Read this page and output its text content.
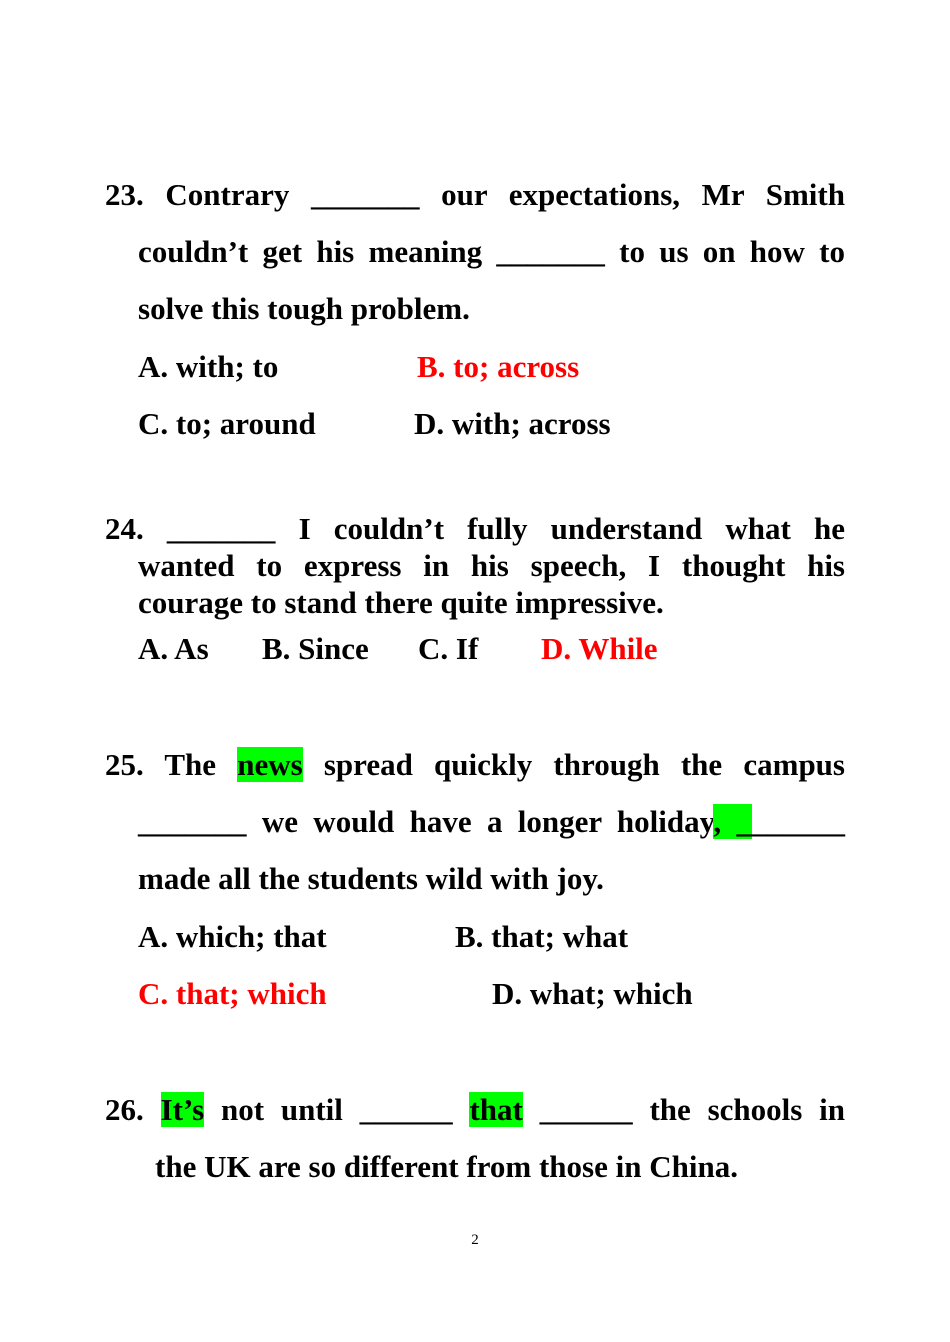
23. Contrary _______ our expectations, Mr Smith
couldn’t get his meaning _______ to us on how to
solve this tough problem.
A. with; to	B. to; across
C. to; around	D. with; across
24. _______ I couldn’t fully understand what he
wanted to express in his speech, I thought his
courage to stand there quite impressive.
A. As B. Since C. If D. While
25. The news spread quickly through the campus
_______ we would have a longer holiday, _______
made all the students wild with joy.
A. which; that	B. that; what
C. that; which	D. what; which
26. It’s not until ______ that ______ the schools in
the UK are so different from those in China.
2
